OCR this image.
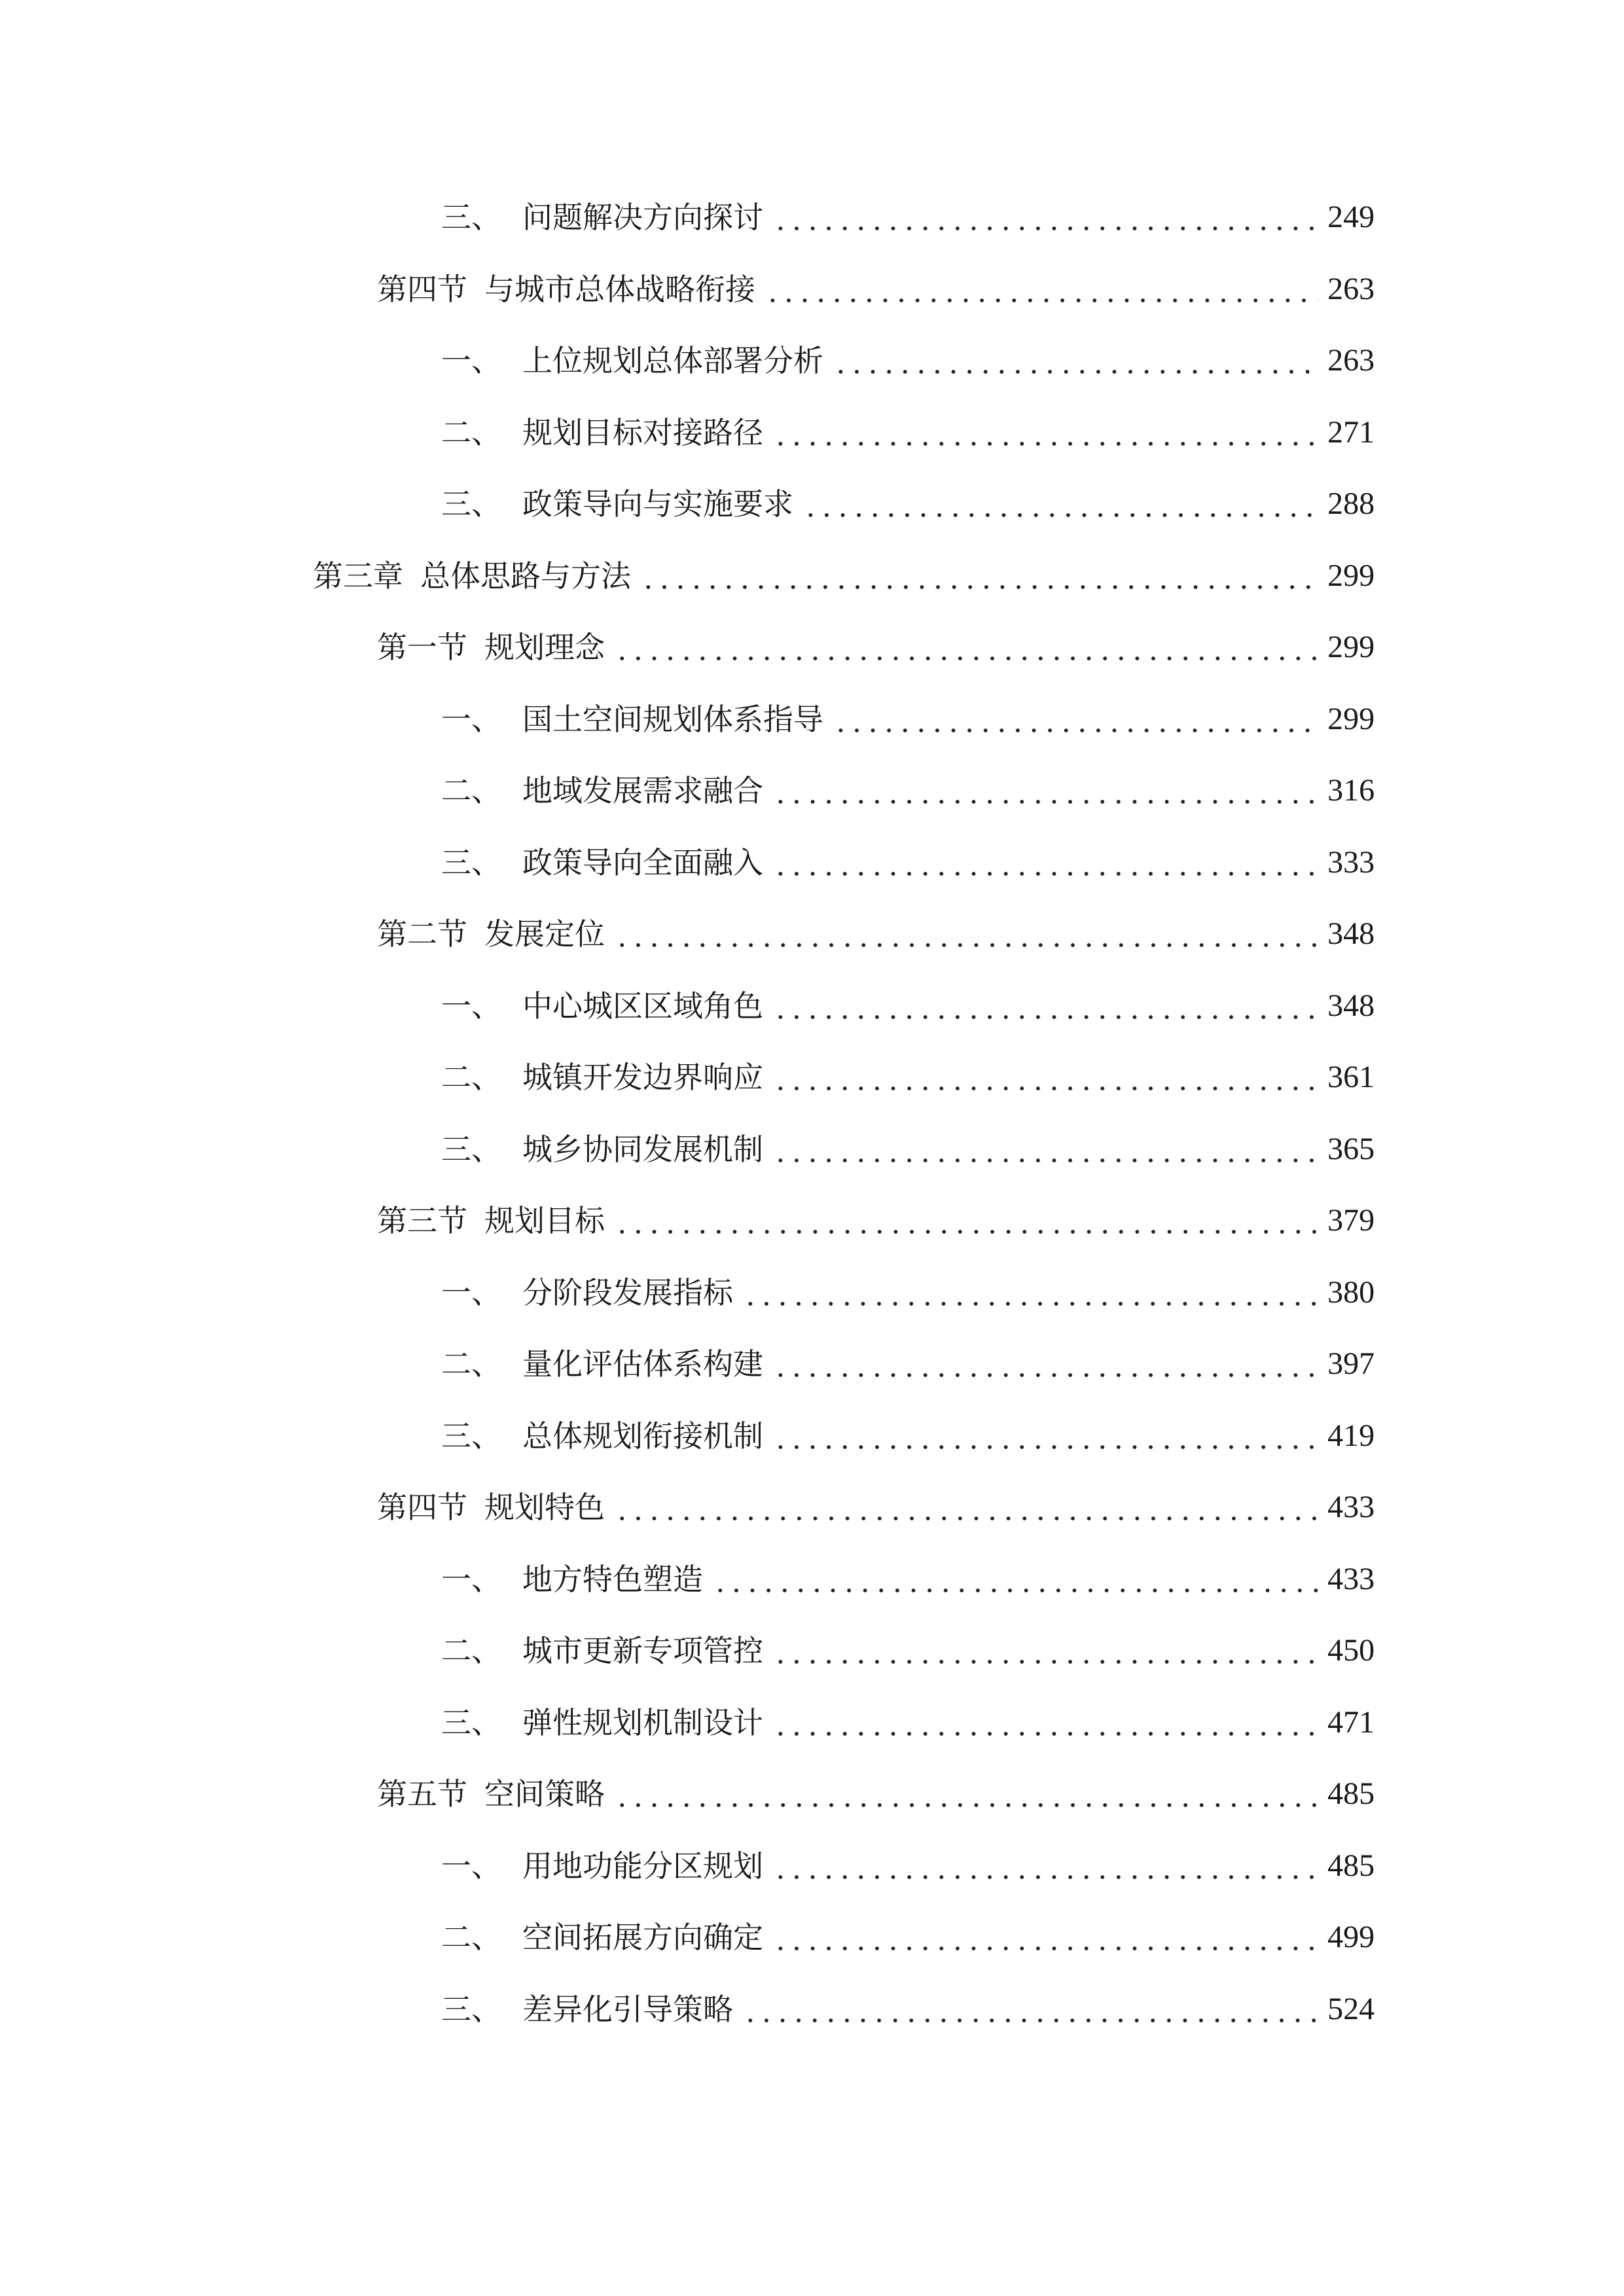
三、 问题解决方向探讨	249
第四节 与城市总体战略衔接	263
一、 上位规划总体部署分析	263
二、 规划目标对接路径	271
三、 政策导向与实施要求	288
第三章 总体思路与方法	299
第一节 规划理念	299
一、 国土空间规划体系指导	299
二、 地域发展需求融合	316
三、 政策导向全面融入	333
第二节 发展定位	348
一、 中心城区区域角色	348
二、 城镇开发边界响应	361
三、 城乡协同发展机制	365
第三节 规划目标	379
一、 分阶段发展指标	380
二、 量化评估体系构建	397
三、 总体规划衔接机制	419
第四节 规划特色	433
一、 地方特色塑造	433
二、 城市更新专项管控	450
三、 弹性规划机制设计	471
第五节 空间策略	485
一、 用地功能分区规划	485
二、 空间拓展方向确定	499
三、 差异化引导策略	524
